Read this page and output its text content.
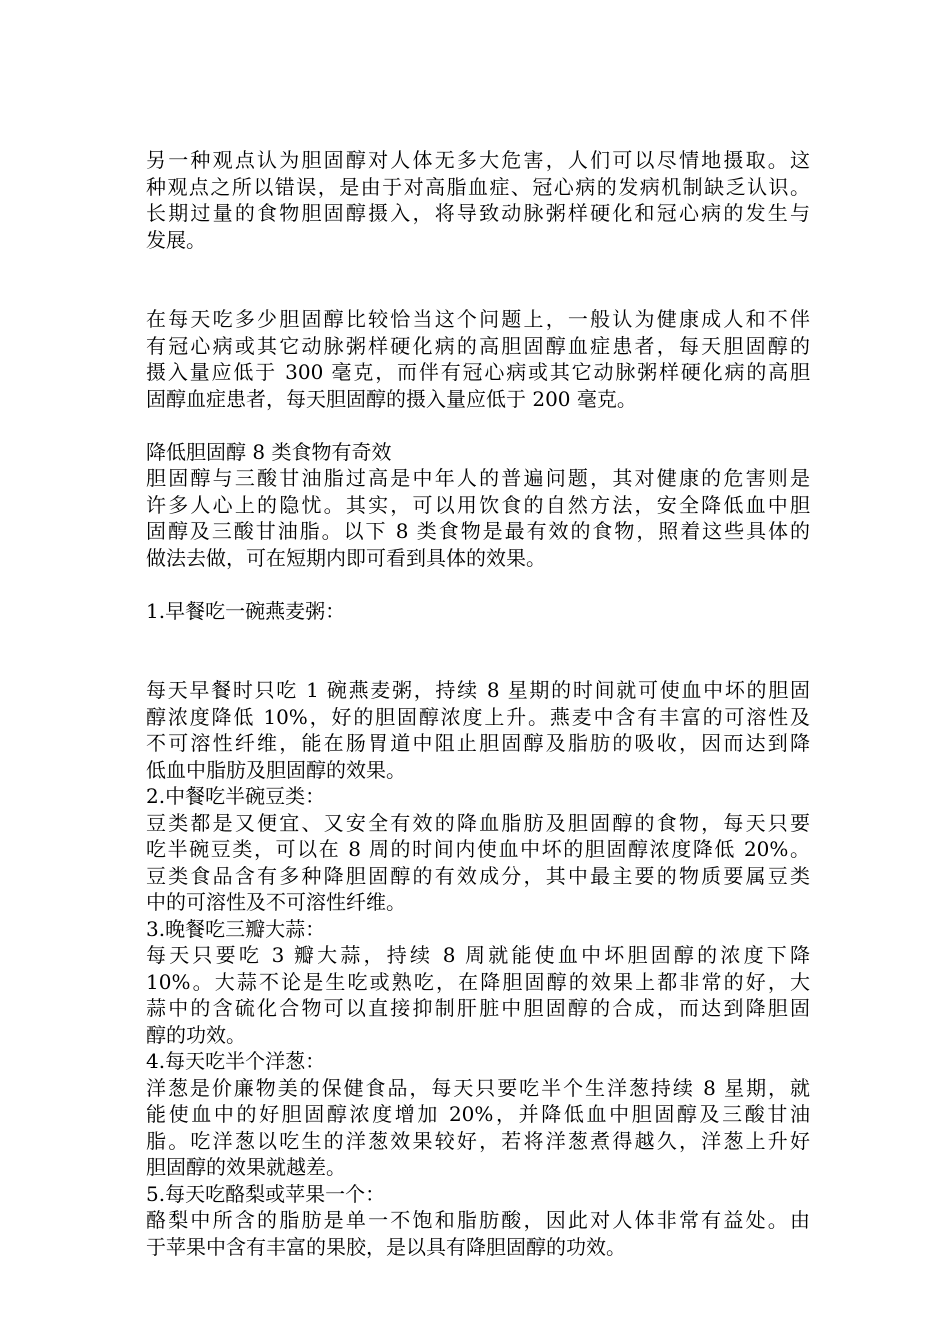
另一种观点认为胆固醇对人体无多大危害，人们可以尽情地摄取。这
种观点之所以错误，是由于对高脂血症、冠心病的发病机制缺乏认识。
长期过量的食物胆固醇摄入，将导致动脉粥样硬化和冠心病的发生与
发展。
在每天吃多少胆固醇比较恰当这个问题上，一般认为健康成人和不伴
有冠心病或其它动脉粥样硬化病的高胆固醇血症患者，每天胆固醇的
摄入量应低于 300 毫克，而伴有冠心病或其它动脉粥样硬化病的高胆
固醇血症患者，每天胆固醇的摄入量应低于 200 毫克。
降低胆固醇 8 类食物有奇效
胆固醇与三酸甘油脂过高是中年人的普遍问题，其对健康的危害则是
许多人心上的隐忧。其实，可以用饮食的自然方法，安全降低血中胆
固醇及三酸甘油脂。以下 8 类食物是最有效的食物，照着这些具体的
做法去做，可在短期内即可看到具体的效果。
1.早餐吃一碗燕麦粥：
每天早餐时只吃 1 碗燕麦粥，持续 8 星期的时间就可使血中坏的胆固
醇浓度降低 10%，好的胆固醇浓度上升。燕麦中含有丰富的可溶性及
不可溶性纤维，能在肠胃道中阻止胆固醇及脂肪的吸收，因而达到降
低血中脂肪及胆固醇的效果。
2.中餐吃半碗豆类：
豆类都是又便宜、又安全有效的降血脂肪及胆固醇的食物，每天只要
吃半碗豆类，可以在 8 周的时间内使血中坏的胆固醇浓度降低 20%。
豆类食品含有多种降胆固醇的有效成分，其中最主要的物质要属豆类
中的可溶性及不可溶性纤维。
3.晚餐吃三瓣大蒜：
每天只要吃 3 瓣大蒜，持续 8 周就能使血中坏胆固醇的浓度下降
10%。大蒜不论是生吃或熟吃，在降胆固醇的效果上都非常的好，大
蒜中的含硫化合物可以直接抑制肝脏中胆固醇的合成，而达到降胆固
醇的功效。
4.每天吃半个洋葱：
洋葱是价廉物美的保健食品，每天只要吃半个生洋葱持续 8 星期，就
能使血中的好胆固醇浓度增加 20%，并降低血中胆固醇及三酸甘油
脂。吃洋葱以吃生的洋葱效果较好，若将洋葱煮得越久，洋葱上升好
胆固醇的效果就越差。
5.每天吃酪梨或苹果一个：
酪梨中所含的脂肪是单一不饱和脂肪酸，因此对人体非常有益处。由
于苹果中含有丰富的果胶，是以具有降胆固醇的功效。
